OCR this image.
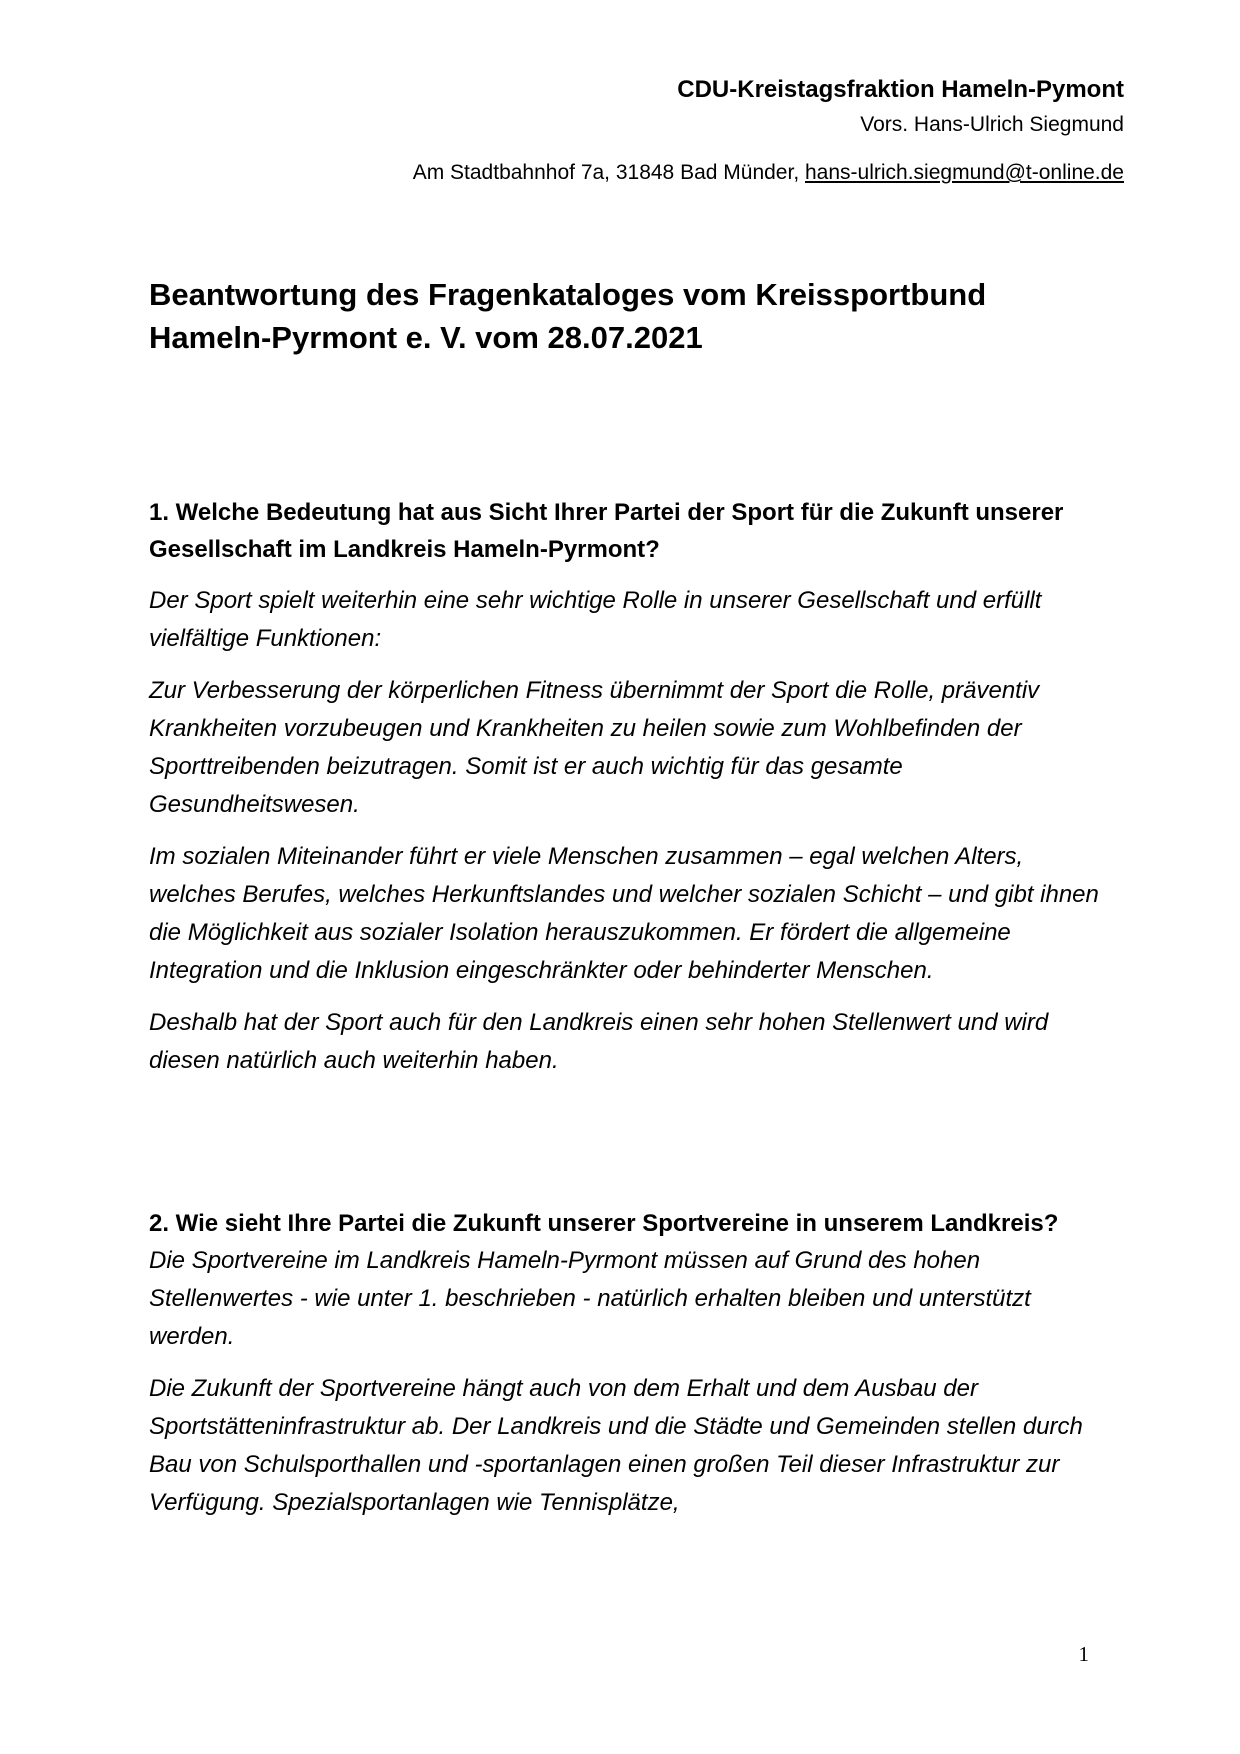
CDU-Kreistagsfraktion Hameln-Pymont
Vors. Hans-Ulrich Siegmund
Am Stadtbahnhof 7a, 31848 Bad Münder, hans-ulrich.siegmund@t-online.de
Beantwortung des Fragenkataloges vom Kreissportbund
Hameln-Pyrmont e. V. vom 28.07.2021

1. Welche Bedeutung hat aus Sicht Ihrer Partei der Sport für die Zukunft unserer Gesellschaft im Landkreis Hameln-Pyrmont?

Der Sport spielt weiterhin eine sehr wichtige Rolle in unserer Gesellschaft und erfüllt vielfältige Funktionen:

Zur Verbesserung der körperlichen Fitness übernimmt der Sport die Rolle, präventiv Krankheiten vorzubeugen und Krankheiten zu heilen sowie zum Wohlbefinden der Sporttreibenden beizutragen. Somit ist er auch wichtig für das gesamte Gesundheitswesen.

Im sozialen Miteinander führt er viele Menschen zusammen – egal welchen Alters, welches Berufes, welches Herkunftslandes und welcher sozialen Schicht – und gibt ihnen die Möglichkeit aus sozialer Isolation herauszukommen. Er fördert die allgemeine Integration und die Inklusion eingeschränkter oder behinderter Menschen.

Deshalb hat der Sport auch für den Landkreis einen sehr hohen Stellenwert und wird diesen natürlich auch weiterhin haben.

2. Wie sieht Ihre Partei die Zukunft unserer Sportvereine in unserem Landkreis?

Die Sportvereine im Landkreis Hameln-Pyrmont müssen auf Grund des hohen Stellenwertes - wie unter 1. beschrieben - natürlich erhalten bleiben und unterstützt werden.

Die Zukunft der Sportvereine hängt auch von dem Erhalt und dem Ausbau der Sportstätteninfrastruktur ab. Der Landkreis und die Städte und Gemeinden stellen durch Bau von Schulsporthallen und -sportanlagen einen großen Teil dieser Infrastruktur zur Verfügung. Spezialsportanlagen wie Tennisplätze,

1
